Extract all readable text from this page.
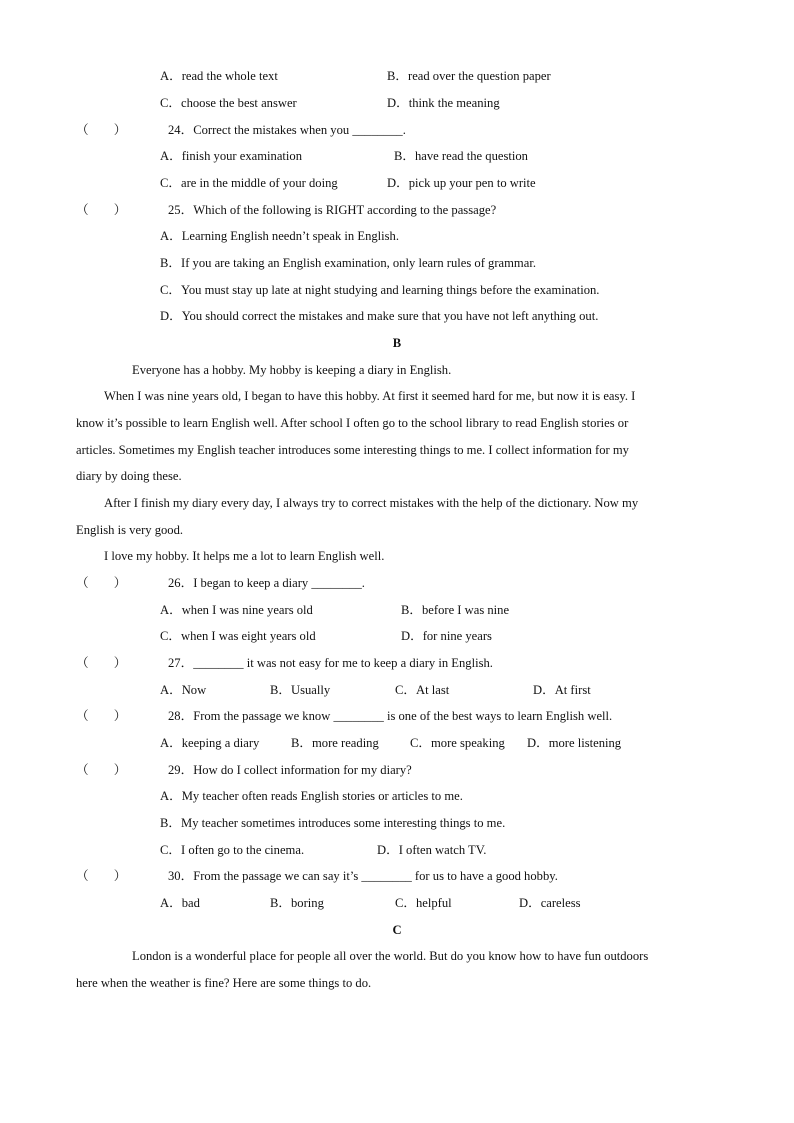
A．read the whole text	B．read over the question paper
C．choose the best answer	D．think the meaning
（　　）	24．Correct the mistakes when you ________.
A．finish your examination	B．have read the question
C．are in the middle of your doing	D．pick up your pen to write
（　　）	25．Which of the following is RIGHT according to the passage?
A．Learning English needn’t speak in English.
B．If you are taking an English examination, only learn rules of grammar.
C．You must stay up late at night studying and learning things before the examination.
D．You should correct the mistakes and make sure that you have not left anything out.
B
Everyone has a hobby. My hobby is keeping a diary in English.
When I was nine years old, I began to have this hobby. At first it seemed hard for me, but now it is easy. I
know it’s possible to learn English well. After school I often go to the school library to read English stories or
articles. Sometimes my English teacher introduces some interesting things to me. I collect information for my
diary by doing these.
After I finish my diary every day, I always try to correct mistakes with the help of the dictionary. Now my
English is very good.
I love my hobby. It helps me a lot to learn English well.
（　　）	26．I began to keep a diary ________.
A．when I was nine years old	B．before I was nine
C．when I was eight years old	D．for nine years
（　　）	27．________ it was not easy for me to keep a diary in English.
A．Now	B．Usually	C．At last	D．At first
（　　）	28．From the passage we know ________ is one of the best ways to learn English well.
A．keeping a diary	B．more reading C．more speaking D．more listening
（　　）	29．How do I collect information for my diary?
A．My teacher often reads English stories or articles to me.
B．My teacher sometimes introduces some interesting things to me.
C．I often go to the cinema.	D．I often watch TV.
（　　）	30．From the passage we can say it’s ________ for us to have a good hobby.
A．bad	B．boring	C．helpful	D．careless
C
London is a wonderful place for people all over the world. But do you know how to have fun outdoors
here when the weather is fine? Here are some things to do.
